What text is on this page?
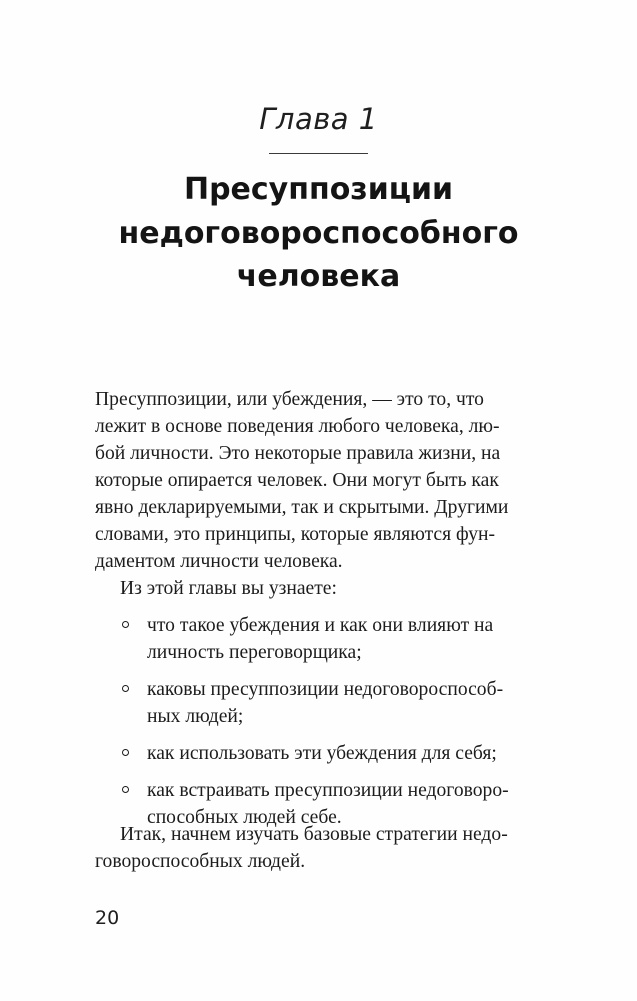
Глава 1
Пресуппозиции
недоговороспособного
человека
Пресуппозиции, или убеждения, — это то, что
лежит в основе поведения любого человека, лю-
бой личности. Это некоторые правила жизни, на
которые опирается человек. Они могут быть как
явно декларируемыми, так и скрытыми. Другими
словами, это принципы, которые являются фун-
даментом личности человека.
Из этой главы вы узнаете:
что такое убеждения и как они влияют на
личность переговорщика;
каковы пресуппозиции недоговороспособ-
ных людей;
как использовать эти убеждения для себя;
как встраивать пресуппозиции недоговоро-
способных людей себе.
Итак, начнем изучать базовые стратегии недо-
говороспособных людей.
20
